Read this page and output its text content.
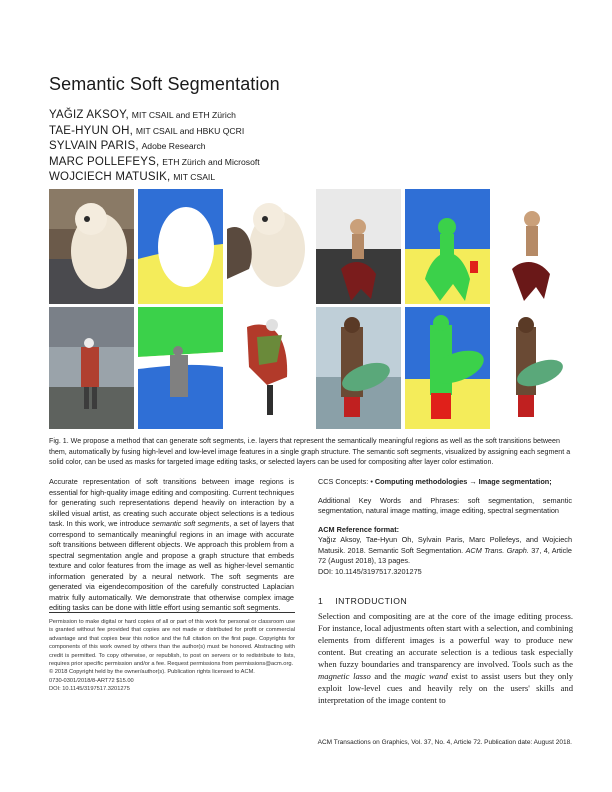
Semantic Soft Segmentation
YAĞIZ AKSOY, MIT CSAIL and ETH Zürich
TAE-HYUN OH, MIT CSAIL and HBKU QCRI
SYLVAIN PARIS, Adobe Research
MARC POLLEFEYS, ETH Zürich and Microsoft
WOJCIECH MATUSIK, MIT CSAIL
Fig. 1. We propose a method that can generate soft segments, i.e. layers that represent the semantically meaningful regions as well as the soft transitions between them, automatically by fusing high-level and low-level image features in a single graph structure. The semantic soft segments, visualized by assigning each segment a solid color, can be used as masks for targeted image editing tasks, or selected layers can be used for compositing after layer color estimation.

Accurate representation of soft transitions between image regions is essential for high-quality image editing and compositing. Current techniques for generating such representations depend heavily on interaction by a skilled visual artist, as creating such accurate object selections is a tedious task. In this work, we introduce semantic soft segments, a set of layers that correspond to semantically meaningful regions in an image with accurate soft transitions between different objects. We approach this problem from a spectral segmentation angle and propose a graph structure that embeds texture and color features from the image as well as higher-level semantic information generated by a neural network. The soft segments are generated via eigendecomposition of the carefully constructed Laplacian matrix fully automatically. We demonstrate that otherwise complex image editing tasks can be done with little effort using semantic soft segments.

Permission to make digital or hard copies of all or part of this work for personal or classroom use is granted without fee provided that copies are not made or distributed for profit or commercial advantage and that copies bear this notice and the full citation on the first page. Copyrights for components of this work owned by others than the author(s) must be honored. Abstracting with credit is permitted. To copy otherwise, or republish, to post on servers or to redistribute to lists, requires prior specific permission and/or a fee. Request permissions from permissions@acm.org.

© 2018 Copyright held by the owner/author(s). Publication rights licensed to ACM.

0730-0301/2018/8-ART72 $15.00

DOI: 10.1145/3197517.3201275

CCS Concepts: • Computing methodologies → Image segmentation;

Additional Key Words and Phrases: soft segmentation, semantic segmentation, natural image matting, image editing, spectral segmentation

ACM Reference format:
Yağız Aksoy, Tae-Hyun Oh, Sylvain Paris, Marc Pollefeys, and Wojciech Matusik. 2018. Semantic Soft Segmentation. ACM Trans. Graph. 37, 4, Article 72 (August 2018), 13 pages.
DOI: 10.1145/3197517.3201275

1 INTRODUCTION
Selection and compositing are at the core of the image editing process. For instance, local adjustments often start with a selection, and combining elements from different images is a powerful way to produce new content. But creating an accurate selection is a tedious task especially when fuzzy boundaries and transparency are involved. Tools such as the magnetic lasso and the magic wand exist to assist users but they only exploit low-level cues and heavily rely on the users' skills and interpretation of the image content to
ACM Transactions on Graphics, Vol. 37, No. 4, Article 72. Publication date: August 2018.
